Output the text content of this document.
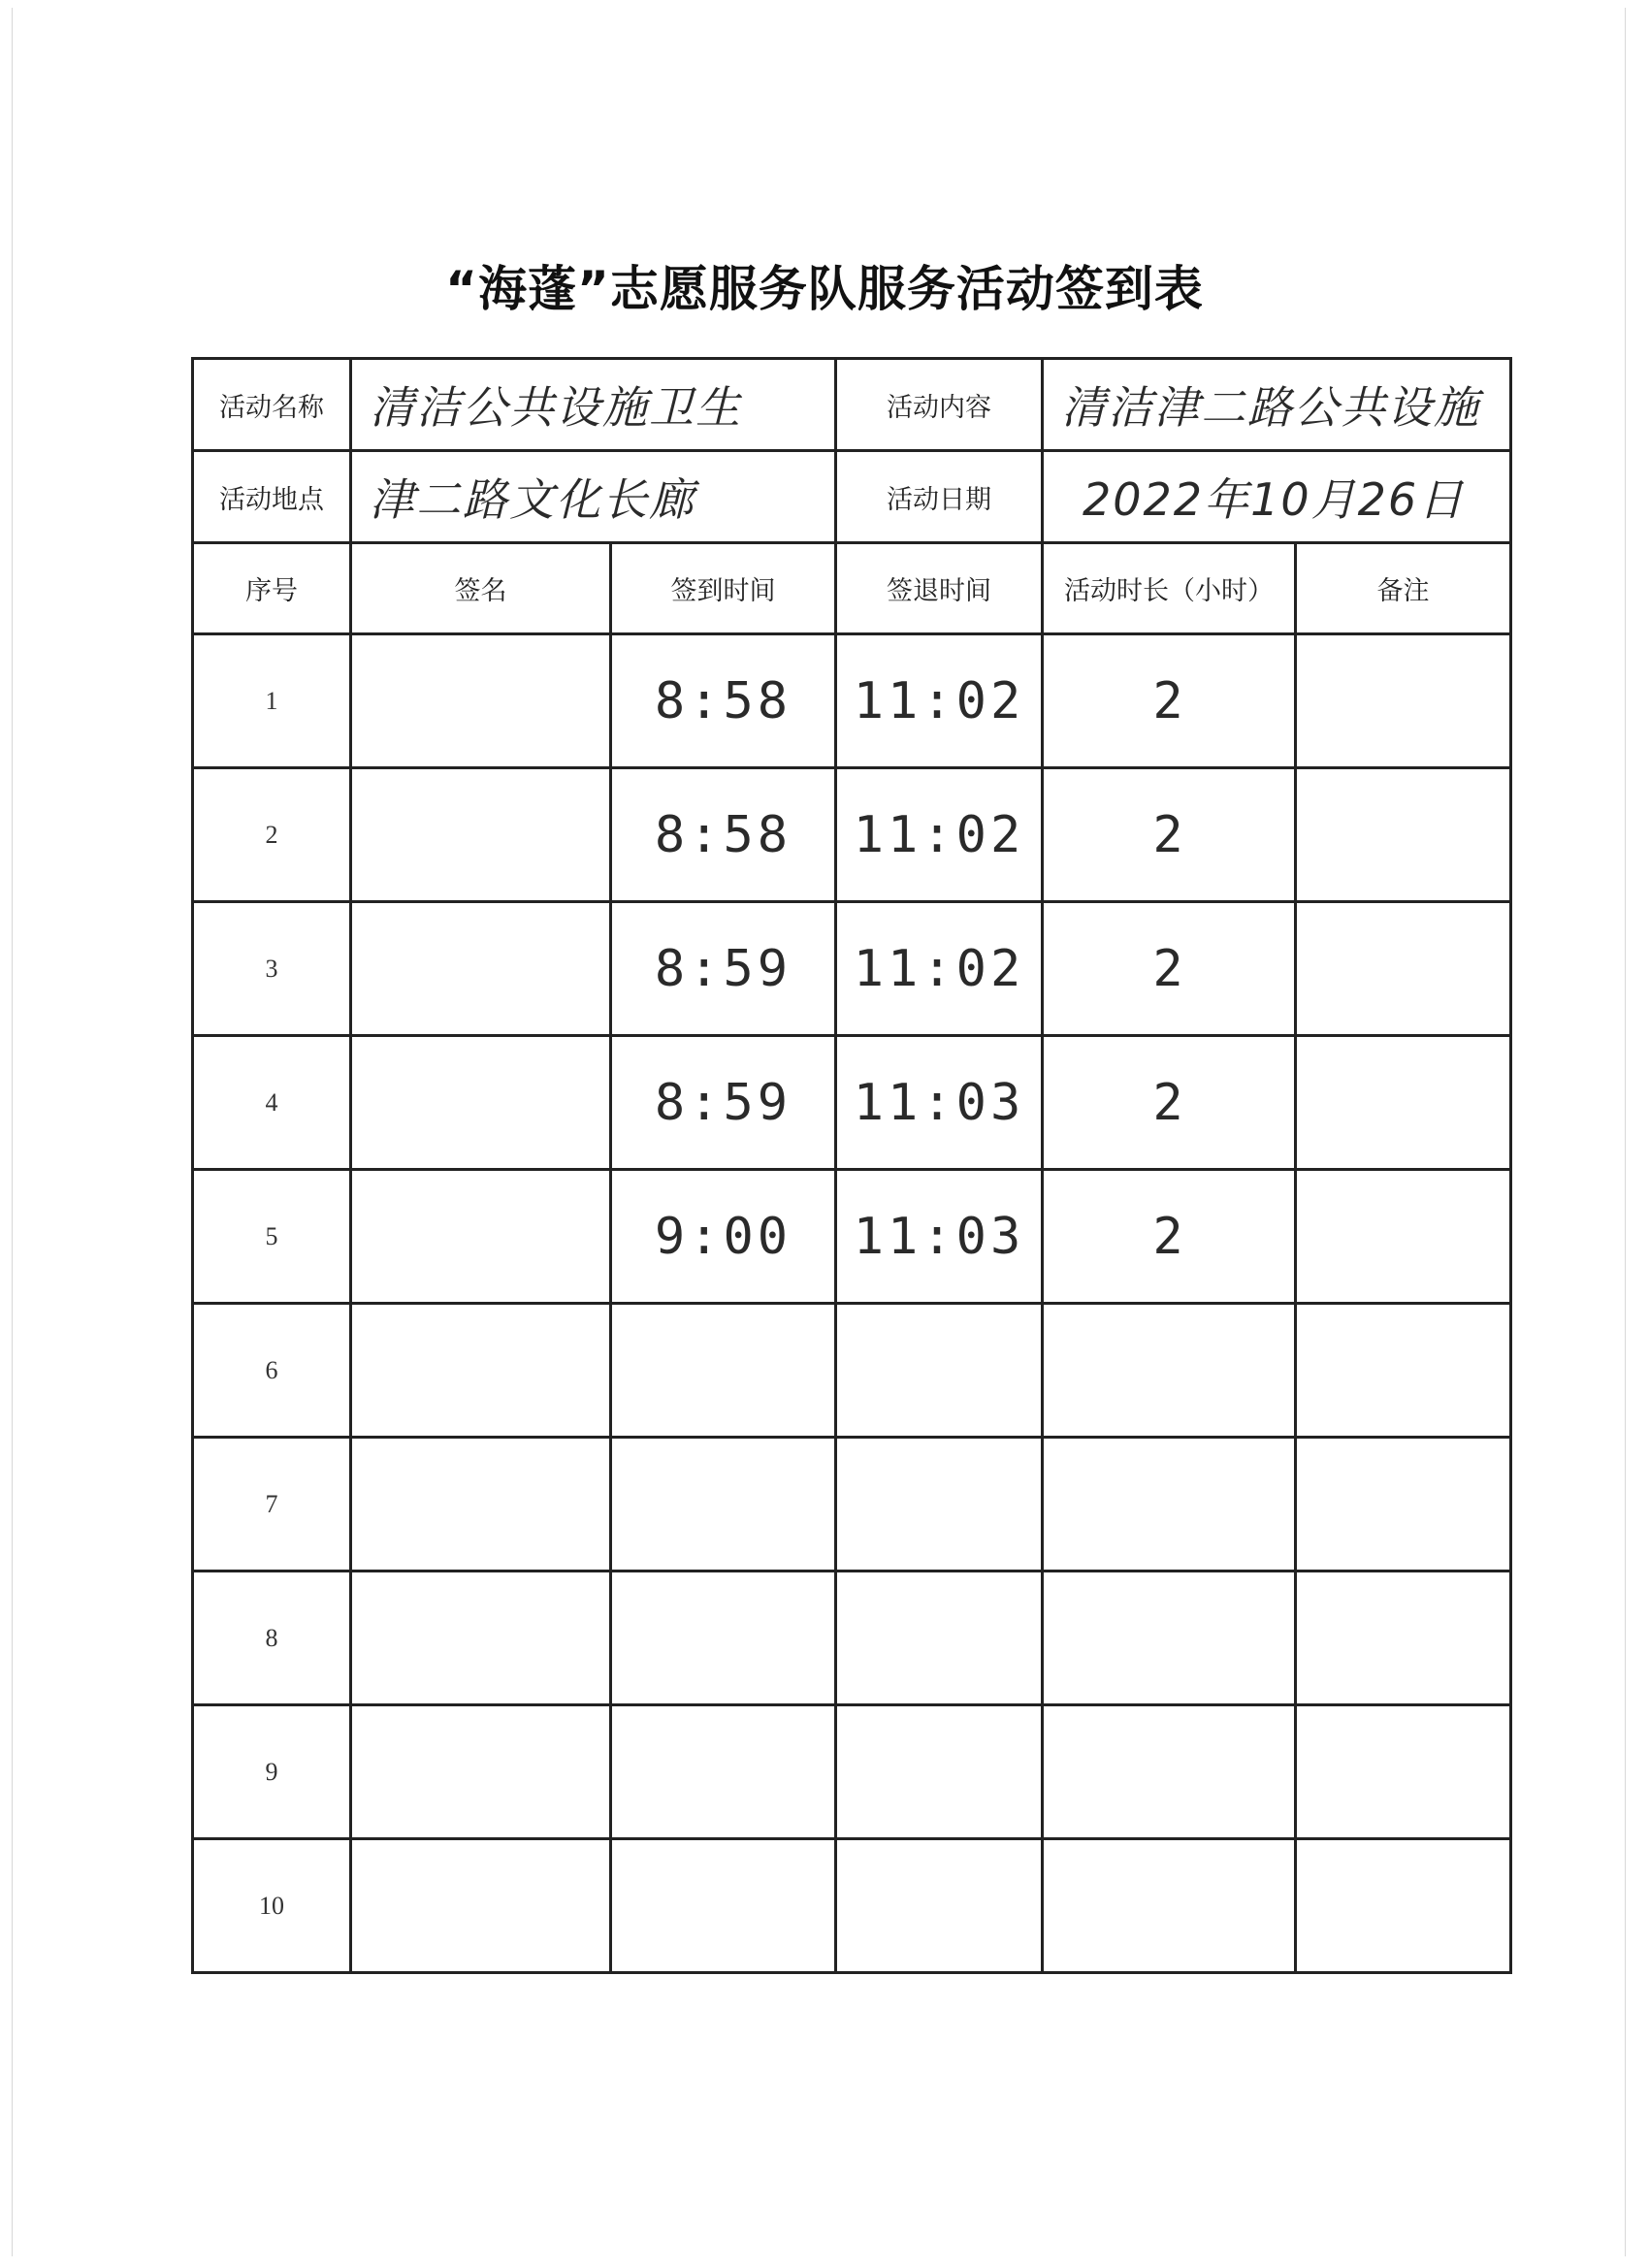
“海蓬”志愿服务队服务活动签到表
活动名称	清洁公共设施卫生		活动内容	清洁津二路公共设施	

活动地点	津二路文化长廊		活动日期	2022年10月26日	

序号	签名	签到时间	签退时间	活动时长（小时）	备注
1		8:58	11:02	2	
2		8:58	11:02	2	
3		8:59	11:02	2	
4		8:59	11:03	2	
5		9:00	11:03	2	
6					
7					
8					
9					
10					
